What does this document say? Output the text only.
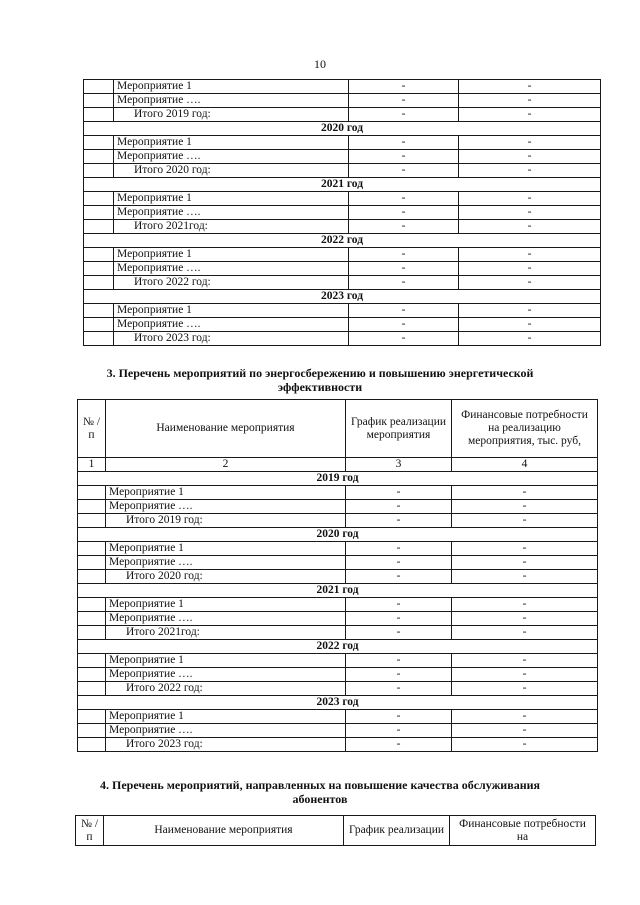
10
	Мероприятие 1	-	-
	Мероприятие ….	-	-
	Итого 2019 год:	-	-
2020 год			
	Мероприятие 1	-	-
	Мероприятие ….	-	-
	Итого 2020 год:	-	-
2021 год			
	Мероприятие 1	-	-
	Мероприятие ….	-	-
	Итого 2021год:	-	-
2022 год			
	Мероприятие 1	-	-
	Мероприятие ….	-	-
	Итого 2022 год:	-	-
2023 год			
	Мероприятие 1	-	-
	Мероприятие ….	-	-
	Итого 2023 год:	-	-
3. Перечень мероприятий по энергосбережению и повышению энергетической
эффективности
№ /п	Наименование мероприятия	График реализации мероприятия	Финансовые потребности на реализацию мероприятия, тыс. руб,
1	2	3	4
2019 год			
	Мероприятие 1	-	-
	Мероприятие ….	-	-
	Итого 2019 год:	-	-
2020 год			
	Мероприятие 1	-	-
	Мероприятие ….	-	-
	Итого 2020 год:	-	-
2021 год			
	Мероприятие 1	-	-
	Мероприятие ….	-	-
	Итого 2021год:	-	-
2022 год			
	Мероприятие 1	-	-
	Мероприятие ….	-	-
	Итого 2022 год:	-	-
2023 год			
	Мероприятие 1	-	-
	Мероприятие ….	-	-
	Итого 2023 год:	-	-
4. Перечень мероприятий, направленных на повышение качества обслуживания
абонентов
№ /п	Наименование мероприятия	График реализации	Финансовые потребности на
